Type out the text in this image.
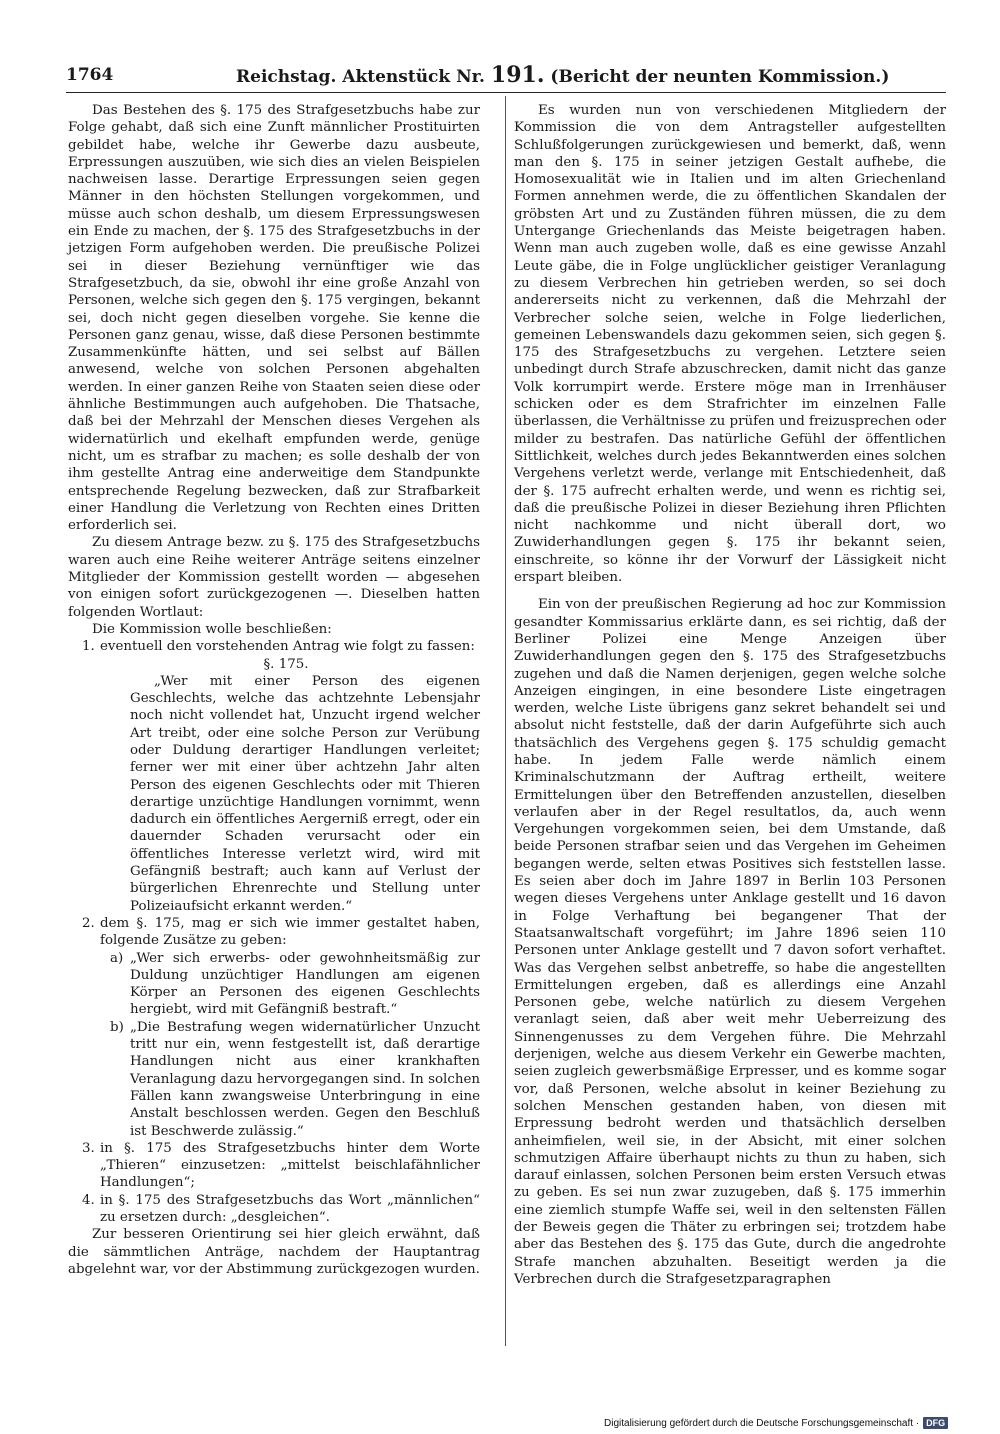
1764	Reichstag. Aktenstück Nr. 191. (Bericht der neunten Kommission.)

Das Bestehen des §. 175 des Strafgesetzbuchs habe zur Folge gehabt, daß sich eine Zunft männlicher Prostituirten gebildet habe, welche ihr Gewerbe dazu ausbeute, Erpressungen auszuüben, wie sich dies an vielen Beispielen nachweisen lasse. Derartige Erpressungen seien gegen Männer in den höchsten Stellungen vorgekommen, und müsse auch schon deshalb, um diesem Erpressungswesen ein Ende zu machen, der §. 175 des Strafgesetzbuchs in der jetzigen Form aufgehoben werden. Die preußische Polizei sei in dieser Beziehung vernünftiger wie das Strafgesetzbuch, da sie, obwohl ihr eine große Anzahl von Personen, welche sich gegen den §. 175 vergingen, bekannt sei, doch nicht gegen dieselben vorgehe. Sie kenne die Personen ganz genau, wisse, daß diese Personen bestimmte Zusammenkünfte hätten, und sei selbst auf Bällen anwesend, welche von solchen Personen abgehalten werden. In einer ganzen Reihe von Staaten seien diese oder ähnliche Bestimmungen auch aufgehoben. Die Thatsache, daß bei der Mehrzahl der Menschen dieses Vergehen als widernatürlich und ekelhaft empfunden werde, genüge nicht, um es strafbar zu machen; es solle deshalb der von ihm gestellte Antrag eine anderweitige dem Standpunkte entsprechende Regelung bezwecken, daß zur Strafbarkeit einer Handlung die Verletzung von Rechten eines Dritten erforderlich sei.

Zu diesem Antrage bezw. zu §. 175 des Strafgesetzbuchs waren auch eine Reihe weiterer Anträge seitens einzelner Mitglieder der Kommission gestellt worden — abgesehen von einigen sofort zurückgezogenen —. Dieselben hatten folgenden Wortlaut:

Die Kommission wolle beschließen:

1. eventuell den vorstehenden Antrag wie folgt zu fassen:

§. 175.

„Wer mit einer Person des eigenen Geschlechts, welche das achtzehnte Lebensjahr noch nicht vollendet hat, Unzucht irgend welcher Art treibt, oder eine solche Person zur Verübung oder Duldung derartiger Handlungen verleitet; ferner wer mit einer über achtzehn Jahr alten Person des eigenen Geschlechts oder mit Thieren derartige unzüchtige Handlungen vornimmt, wenn dadurch ein öffentliches Aergerniß erregt, oder ein dauernder Schaden verursacht oder ein öffentliches Interesse verletzt wird, wird mit Gefängniß bestraft; auch kann auf Verlust der bürgerlichen Ehrenrechte und Stellung unter Polizeiaufsicht erkannt werden.“

2. dem §. 175, mag er sich wie immer gestaltet haben, folgende Zusätze zu geben:
a) „Wer sich erwerbs- oder gewohnheitsmäßig zur Duldung unzüchtiger Handlungen am eigenen Körper an Personen des eigenen Geschlechts hergiebt, wird mit Gefängniß bestraft.“
b) „Die Bestrafung wegen widernatürlicher Unzucht tritt nur ein, wenn festgestellt ist, daß derartige Handlungen nicht aus einer krankhaften Veranlagung dazu hervorgegangen sind. In solchen Fällen kann zwangsweise Unterbringung in eine Anstalt beschlossen werden. Gegen den Beschluß ist Beschwerde zulässig.“
3. in §. 175 des Strafgesetzbuchs hinter dem Worte „Thieren“ einzusetzen: „mittelst beischlafähnlicher Handlungen“;
4. in §. 175 des Strafgesetzbuchs das Wort „männlichen“ zu ersetzen durch: „desgleichen“.

Zur besseren Orientirung sei hier gleich erwähnt, daß die sämmtlichen Anträge, nachdem der Hauptantrag abgelehnt war, vor der Abstimmung zurückgezogen wurden.

Es wurden nun von verschiedenen Mitgliedern der Kommission die von dem Antragsteller aufgestellten Schlußfolgerungen zurückgewiesen und bemerkt, daß, wenn man den §. 175 in seiner jetzigen Gestalt aufhebe, die Homosexualität wie in Italien und im alten Griechenland Formen annehmen werde, die zu öffentlichen Skandalen der gröbsten Art und zu Zuständen führen müssen, die zu dem Untergange Griechenlands das Meiste beigetragen haben. Wenn man auch zugeben wolle, daß es eine gewisse Anzahl Leute gäbe, die in Folge unglücklicher geistiger Veranlagung zu diesem Verbrechen hin getrieben werden, so sei doch andererseits nicht zu verkennen, daß die Mehrzahl der Verbrecher solche seien, welche in Folge liederlichen, gemeinen Lebenswandels dazu gekommen seien, sich gegen §. 175 des Strafgesetzbuchs zu vergehen. Letztere seien unbedingt durch Strafe abzuschrecken, damit nicht das ganze Volk korrumpirt werde. Erstere möge man in Irrenhäuser schicken oder es dem Strafrichter im einzelnen Falle überlassen, die Verhältnisse zu prüfen und freizusprechen oder milder zu bestrafen. Das natürliche Gefühl der öffentlichen Sittlichkeit, welches durch jedes Bekanntwerden eines solchen Vergehens verletzt werde, verlange mit Entschiedenheit, daß der §. 175 aufrecht erhalten werde, und wenn es richtig sei, daß die preußische Polizei in dieser Beziehung ihren Pflichten nicht nachkomme und nicht überall dort, wo Zuwiderhandlungen gegen §. 175 ihr bekannt seien, einschreite, so könne ihr der Vorwurf der Lässigkeit nicht erspart bleiben.

Ein von der preußischen Regierung ad hoc zur Kommission gesandter Kommissarius erklärte dann, es sei richtig, daß der Berliner Polizei eine Menge Anzeigen über Zuwiderhandlungen gegen den §. 175 des Strafgesetzbuchs zugehen und daß die Namen derjenigen, gegen welche solche Anzeigen eingingen, in eine besondere Liste eingetragen werden, welche Liste übrigens ganz sekret behandelt sei und absolut nicht feststelle, daß der darin Aufgeführte sich auch thatsächlich des Vergehens gegen §. 175 schuldig gemacht habe. In jedem Falle werde nämlich einem Kriminalschutzmann der Auftrag ertheilt, weitere Ermittelungen über den Betreffenden anzustellen, dieselben verlaufen aber in der Regel resultatlos, da, auch wenn Vergehungen vorgekommen seien, bei dem Umstande, daß beide Personen strafbar seien und das Vergehen im Geheimen begangen werde, selten etwas Positives sich feststellen lasse. Es seien aber doch im Jahre 1897 in Berlin 103 Personen wegen dieses Vergehens unter Anklage gestellt und 16 davon in Folge Verhaftung bei begangener That der Staatsanwaltschaft vorgeführt; im Jahre 1896 seien 110 Personen unter Anklage gestellt und 7 davon sofort verhaftet. Was das Vergehen selbst anbetreffe, so habe die angestellten Ermittelungen ergeben, daß es allerdings eine Anzahl Personen gebe, welche natürlich zu diesem Vergehen veranlagt seien, daß aber weit mehr Ueberreizung des Sinnengenusses zu dem Vergehen führe. Die Mehrzahl derjenigen, welche aus diesem Verkehr ein Gewerbe machten, seien zugleich gewerbsmäßige Erpresser, und es komme sogar vor, daß Personen, welche absolut in keiner Beziehung zu solchen Menschen gestanden haben, von diesen mit Erpressung bedroht werden und thatsächlich derselben anheimfielen, weil sie, in der Absicht, mit einer solchen schmutzigen Affaire überhaupt nichts zu thun zu haben, sich darauf einlassen, solchen Personen beim ersten Versuch etwas zu geben. Es sei nun zwar zuzugeben, daß §. 175 immerhin eine ziemlich stumpfe Waffe sei, weil in den seltensten Fällen der Beweis gegen die Thäter zu erbringen sei; trotzdem habe aber das Bestehen des §. 175 das Gute, durch die angedrohte Strafe manchen abzuhalten. Beseitigt werden ja die Verbrechen durch die Strafgesetzparagraphen

Digitalisierung gefördert durch die Deutsche Forschungsgemeinschaft · DFG
